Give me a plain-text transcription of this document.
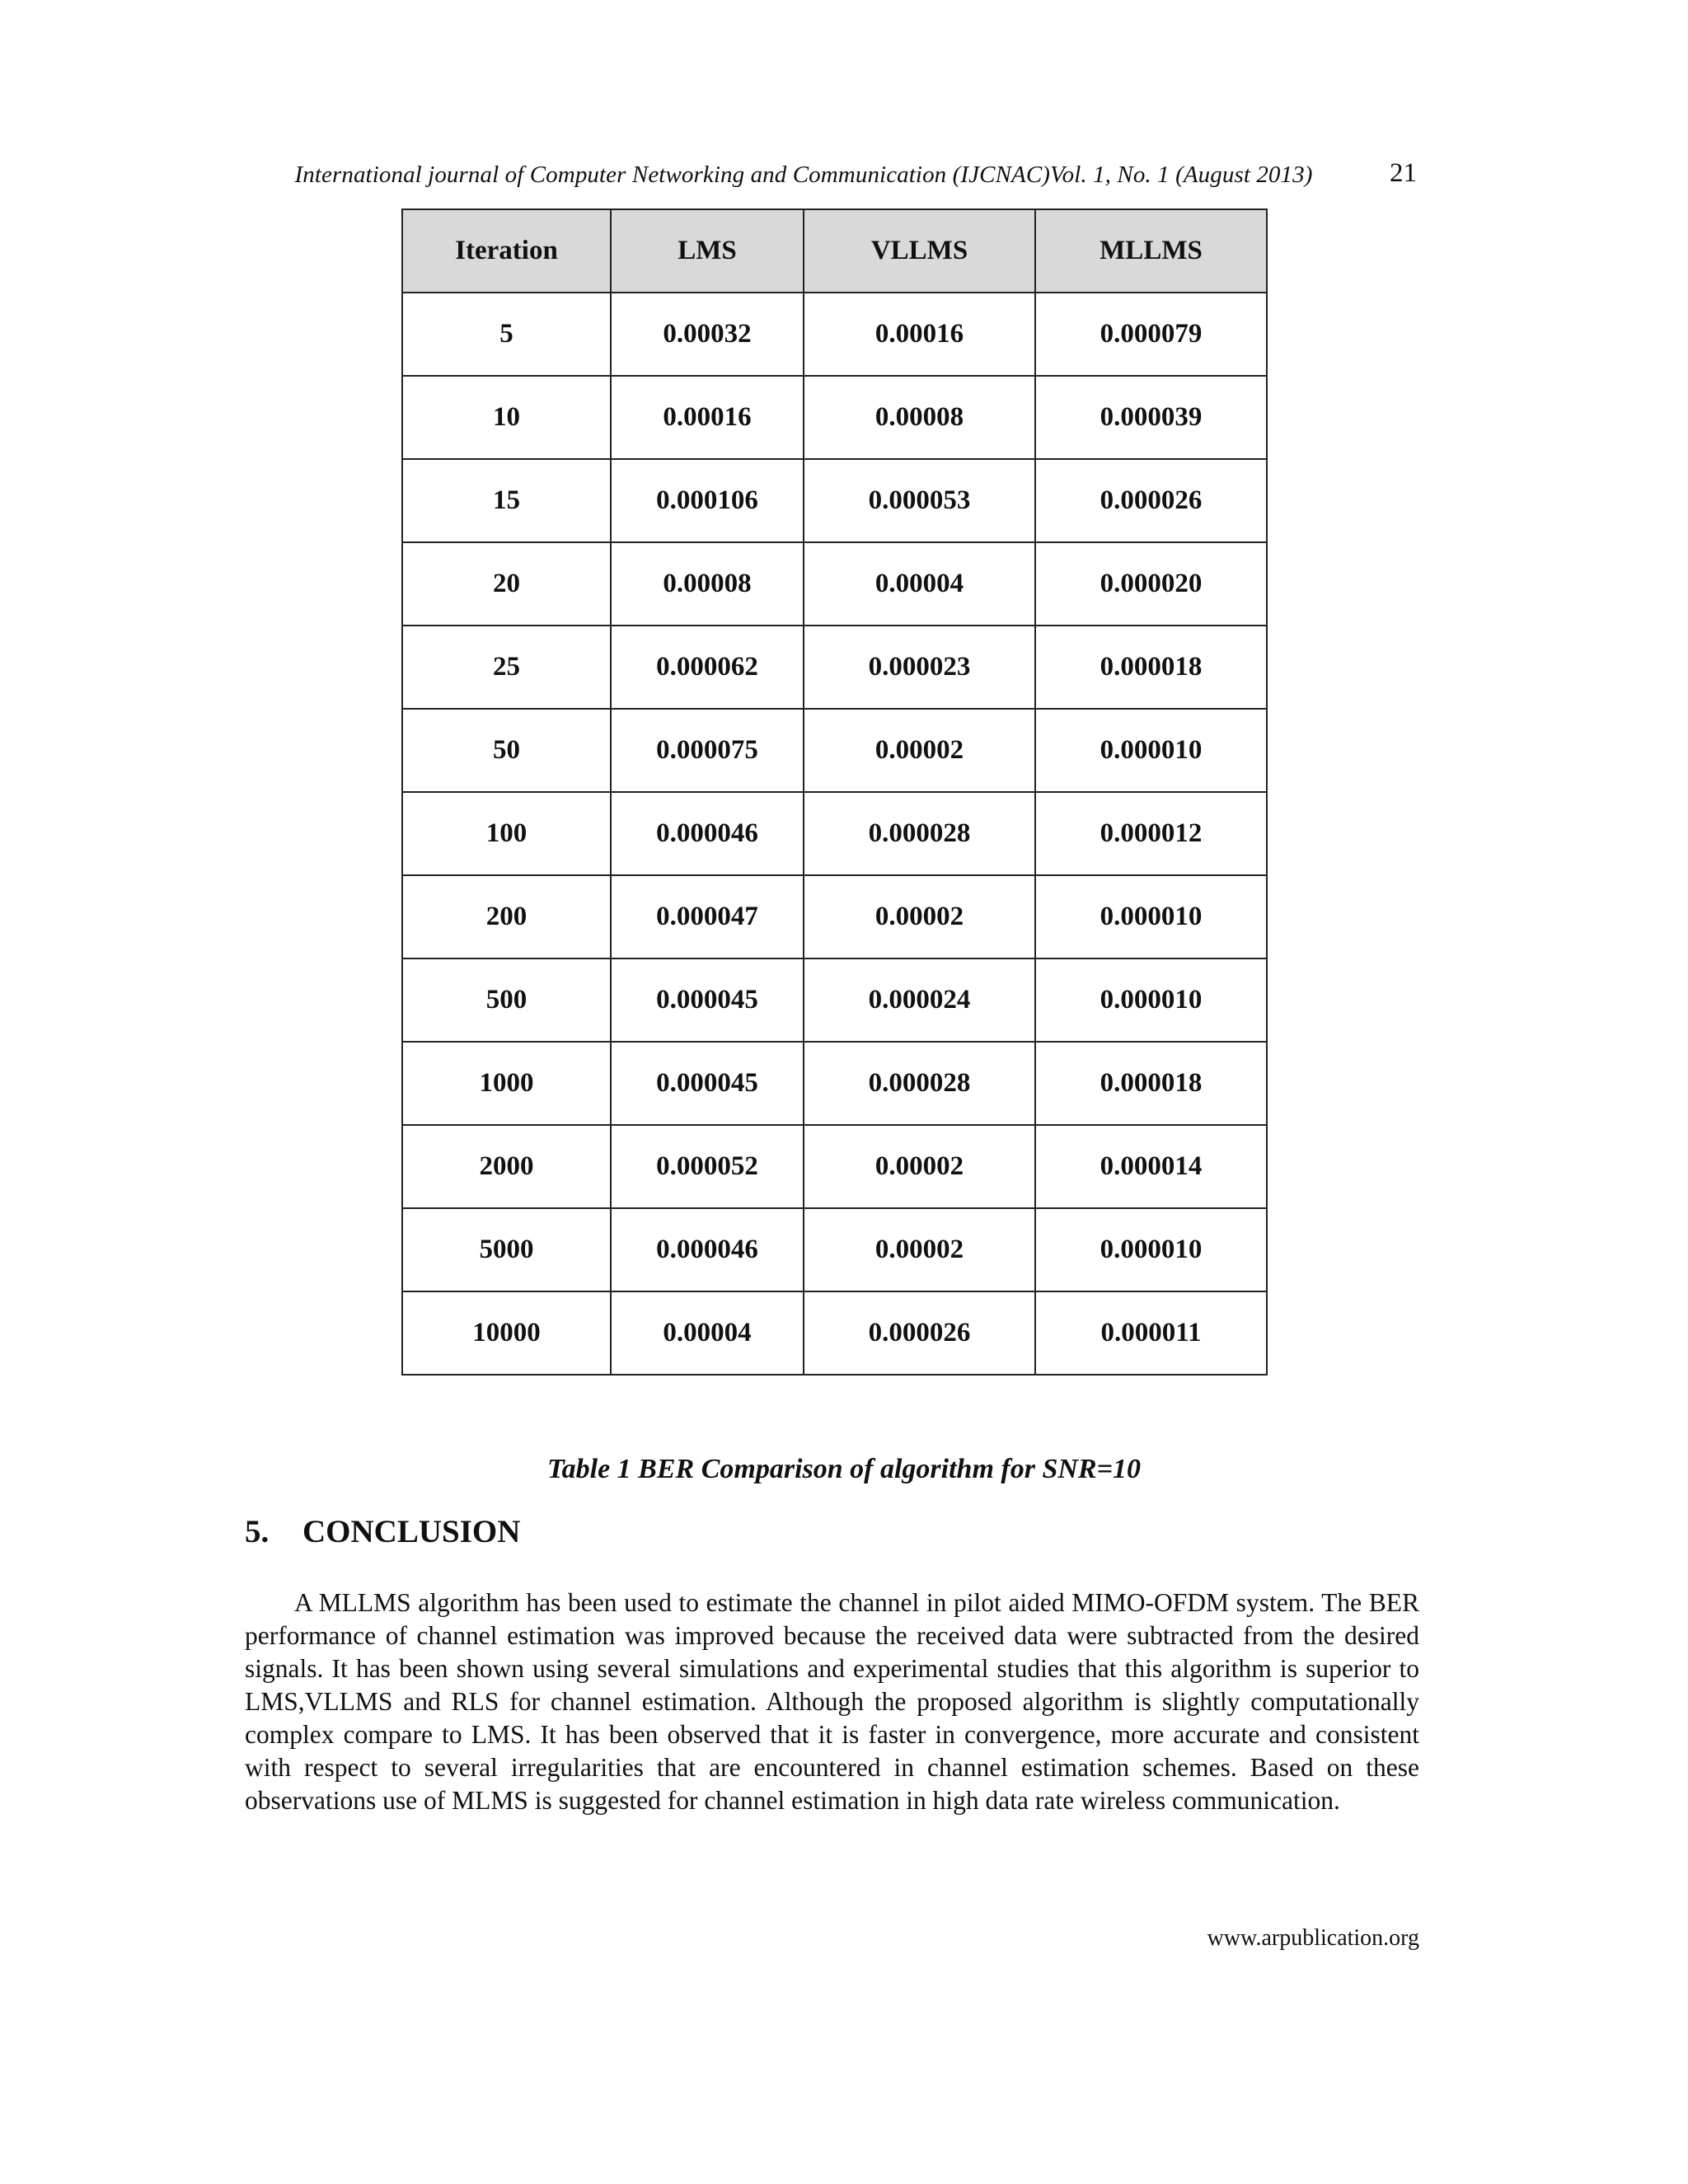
International journal of Computer Networking and Communication (IJCNAC)Vol. 1, No. 1 (August 2013)	21
Iteration	LMS	VLLMS	MLLMS
5	0.00032	0.00016	0.000079
10	0.00016	0.00008	0.000039
15	0.000106	0.000053	0.000026
20	0.00008	0.00004	0.000020
25	0.000062	0.000023	0.000018
50	0.000075	0.00002	0.000010
100	0.000046	0.000028	0.000012
200	0.000047	0.00002	0.000010
500	0.000045	0.000024	0.000010
1000	0.000045	0.000028	0.000018
2000	0.000052	0.00002	0.000014
5000	0.000046	0.00002	0.000010
10000	0.00004	0.000026	0.000011
Table 1 BER Comparison of algorithm for SNR=10
5. CONCLUSION

A MLLMS algorithm has been used to estimate the channel in pilot aided MIMO-OFDM system. The BER performance of channel estimation was improved because the received data were subtracted from the desired signals. It has been shown using several simulations and experimental studies that this algorithm is superior to LMS,VLLMS and RLS for channel estimation. Although the proposed algorithm is slightly computationally complex compare to LMS. It has been observed that it is faster in convergence, more accurate and consistent with respect to several irregularities that are encountered in channel estimation schemes. Based on these observations use of MLMS is suggested for channel estimation in high data rate wireless communication.

www.arpublication.org
